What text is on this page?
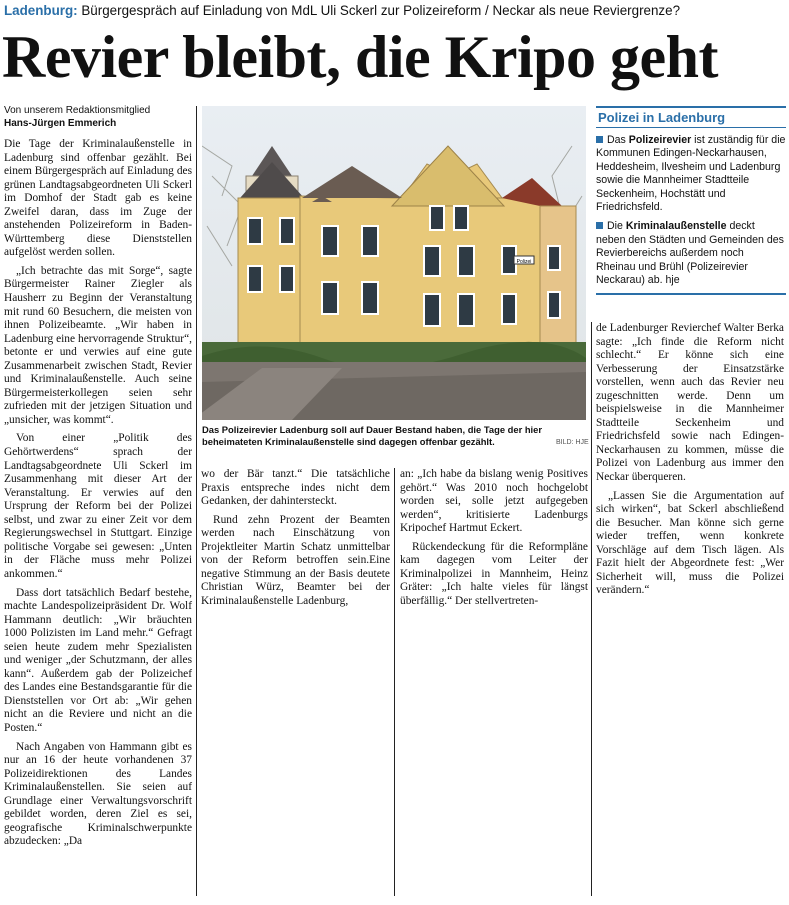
Ladenburg: Bürgergespräch auf Einladung von MdL Uli Sckerl zur Polizeireform / Neckar als neue Reviergrenze?
Revier bleibt, die Kripo geht
Von unserem Redaktionsmitglied
Hans-Jürgen Emmerich
Polizei
Das Polizeirevier Ladenburg soll auf Dauer Bestand haben, die Tage der hier beheimateten Kriminalaußenstelle sind dagegen offenbar gezählt.	BILD: HJE
Polizei in Ladenburg

Das Polizeirevier ist zuständig für die Kommunen Edingen-Neckarhausen, Heddesheim, Ilvesheim und Ladenburg sowie die Mannheimer Stadtteile Seckenheim, Hochstätt und Friedrichsfeld.

Die Kriminalaußenstelle deckt neben den Städten und Gemeinden des Revierbereichs außerdem noch Rheinau und Brühl (Polizeirevier Neckarau) ab. hje

Die Tage der Kriminalaußenstelle in Ladenburg sind offenbar gezählt. Bei einem Bürgergespräch auf Einladung des grünen Landtagsabgeordneten Uli Sckerl im Domhof der Stadt gab es keine Zweifel daran, dass im Zuge der anstehenden Polizeireform in Baden-Württemberg diese Dienststellen aufgelöst werden sollen.

„Ich betrachte das mit Sorge“, sagte Bürgermeister Rainer Ziegler als Hausherr zu Beginn der Veranstaltung mit rund 60 Besuchern, die meisten von ihnen Polizeibeamte. „Wir haben in Ladenburg eine hervorragende Struktur“, betonte er und verwies auf eine gute Zusammenarbeit zwischen Stadt, Revier und Kriminalaußenstelle. Auch seine Bürgermeisterkollegen seien sehr zufrieden mit der jetzigen Situation und „unsicher, was kommt“.

Von einer „Politik des Gehörtwerdens“ sprach der Landtagsabgeordnete Uli Sckerl im Zusammenhang mit dieser Art der Veranstaltung. Er verwies auf den Ursprung der Reform bei der Polizei selbst, und zwar zu einer Zeit vor dem Regierungswechsel in Stuttgart. Einzige politische Vorgabe sei gewesen: „Unten in der Fläche muss mehr Polizei ankommen.“

Dass dort tatsächlich Bedarf bestehe, machte Landespolizeipräsident Dr. Wolf Hammann deutlich: „Wir bräuchten 1000 Polizisten im Land mehr.“ Gefragt seien heute zudem mehr Spezialisten und weniger „der Schutzmann, der alles kann“. Außerdem gab der Polizeichef des Landes eine Bestandsgarantie für die Dienststellen vor Ort ab: „Wir gehen nicht an die Reviere und nicht an die Posten.“

Nach Angaben von Hammann gibt es nur an 16 der heute vorhandenen 37 Polizeidirektionen des Landes Kriminalaußenstellen. Sie seien auf Grundlage einer Verwaltungsvorschrift gebildet worden, deren Ziel es sei, geografische Kriminalschwerpunkte abzudecken: „Da

wo der Bär tanzt.“ Die tatsächliche Praxis entspreche indes nicht dem Gedanken, der dahintersteckt.

Rund zehn Prozent der Beamten werden nach Einschätzung von Projektleiter Martin Schatz unmittelbar von der Reform betroffen sein.Eine negative Stimmung an der Basis deutete Christian Würz, Beamter bei der Kriminalaußenstelle Ladenburg,

an: „Ich habe da bislang wenig Positives gehört.“ Was 2010 noch hochgelobt worden sei, solle jetzt aufgegeben werden“, kritisierte Ladenburgs Kripochef Hartmut Eckert.

Rückendeckung für die Reformpläne kam dagegen vom Leiter der Kriminalpolizei in Mannheim, Heinz Gräter: „Ich halte vieles für längst überfällig.“ Der stellvertreten-

de Ladenburger Revierchef Walter Berka sagte: „Ich finde die Reform nicht schlecht.“ Er könne sich eine Verbesserung der Einsatzstärke vorstellen, wenn auch das Revier neu zugeschnitten werde. Denn um beispielsweise in die Mannheimer Stadtteile Seckenheim und Friedrichsfeld sowie nach Edingen-Neckarhausen zu kommen, müsse die Polizei von Ladenburg aus immer den Neckar überqueren.

„Lassen Sie die Argumentation auf sich wirken“, bat Sckerl abschließend die Besucher. Man könne sich gerne wieder treffen, wenn konkrete Vorschläge auf dem Tisch lägen. Als Fazit hielt der Abgeordnete fest: „Wer Sicherheit will, muss die Polizei verändern.“
